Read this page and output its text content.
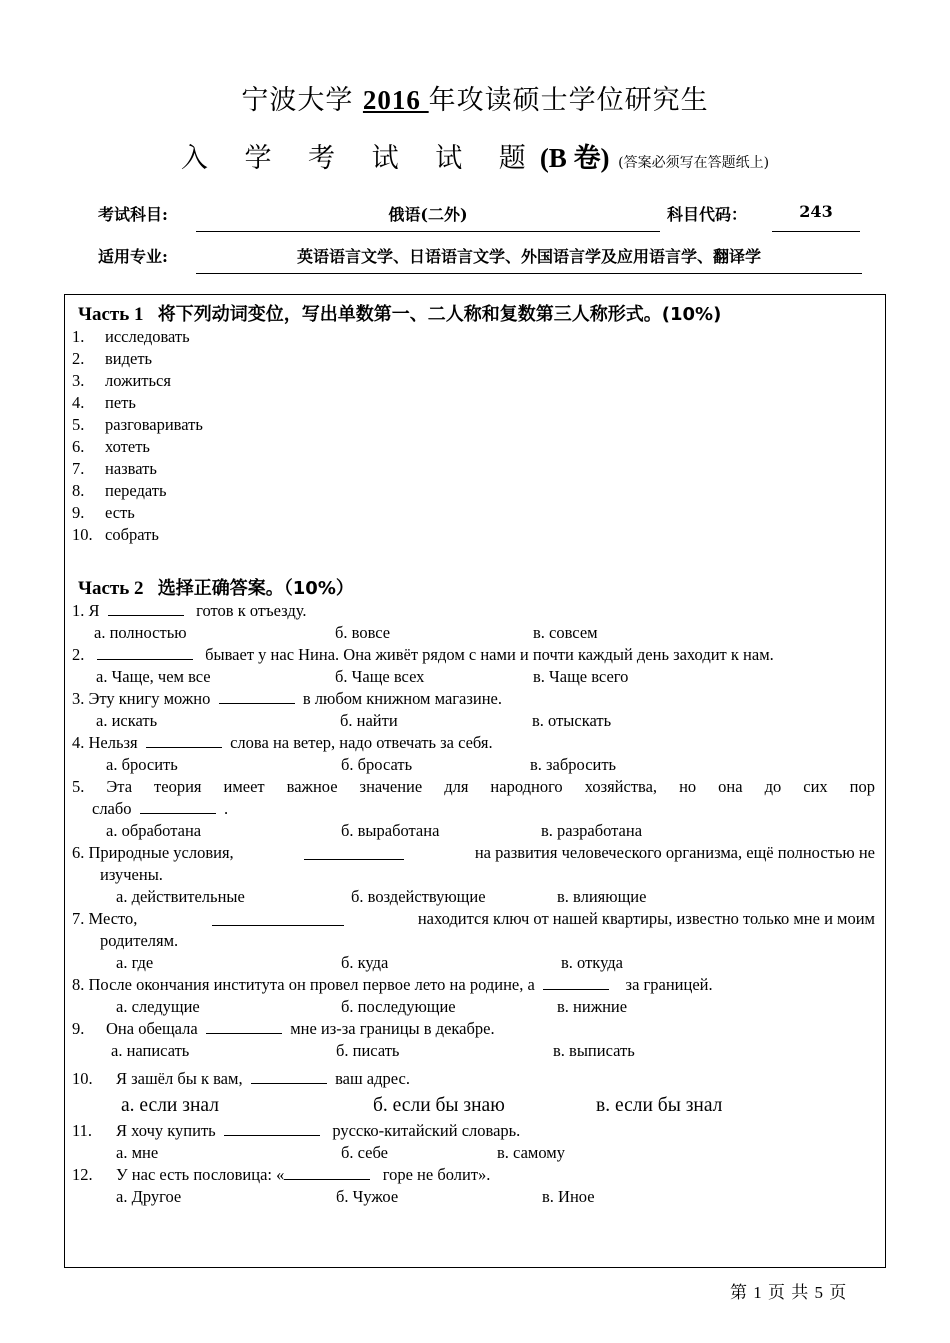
宁波大学 2016 年攻读硕士学位研究生
入 学 考 试 试 题(B 卷) (答案必须写在答题纸上)
考试科目:	俄语(二外)	科目代码：	243
适用专业:	英语语言文学、日语语言文学、外国语言学及应用语言学、翻译学
Часть 1 将下列动词变位，写出单数第一、二人称和复数第三人称形式。(10%)
1. исследовать
2. видеть
3. ложиться
4. петь
5. разговаривать
6. хотеть
7. назвать
8. передать
9. есть
10. собрать
Часть 2 选择正确答案。（10%）
1. Я	готов к отъезду.
а. полностью	б. вовсе	в. совсем
2.	бывает у нас Нина. Она живёт рядом с нами и почти каждый день заходит к нам.
а. Чаще, чем все	б. Чаще всех	в. Чаще всего
3. Эту книгу можно	в любом книжном магазине.
а. искать	б. найти	в. отыскать
4. Нельзя	слова на ветер, надо отвечать за себя.
а. бросить	б. бросать	в. забросить
5. Эта теория имеет важное значение для народного хозяйства, но она до сих пор
слабо	.
а. обработана	б. выработана	в. разработана
6. Природные условия,	на развития человеческого организма, ещё полностью не
изучены.
а. действительные	б. воздействующие	в. влияющие
7. Место,	находится ключ от нашей квартиры, известно только мне и моим
родителям.
а. где	б. куда	в. откуда
8. После окончания института он провел первое лето на родине, а	за границей.
а. следущие	б. последующие	в. нижние
9. Она обещала	мне из-за границы в декабре.
а. написать	б. писать	в. выписать
10. Я зашёл бы к вам,	ваш адрес.
а. если знал	б. если бы знаю	в. если бы знал
11. Я хочу купить	русско-китайский словарь.
а. мне	б. себе	в. самому
12. У нас есть пословица: «	горе не болит».
а. Другое	б. Чужое	в. Иное
第 1 页 共 5 页
